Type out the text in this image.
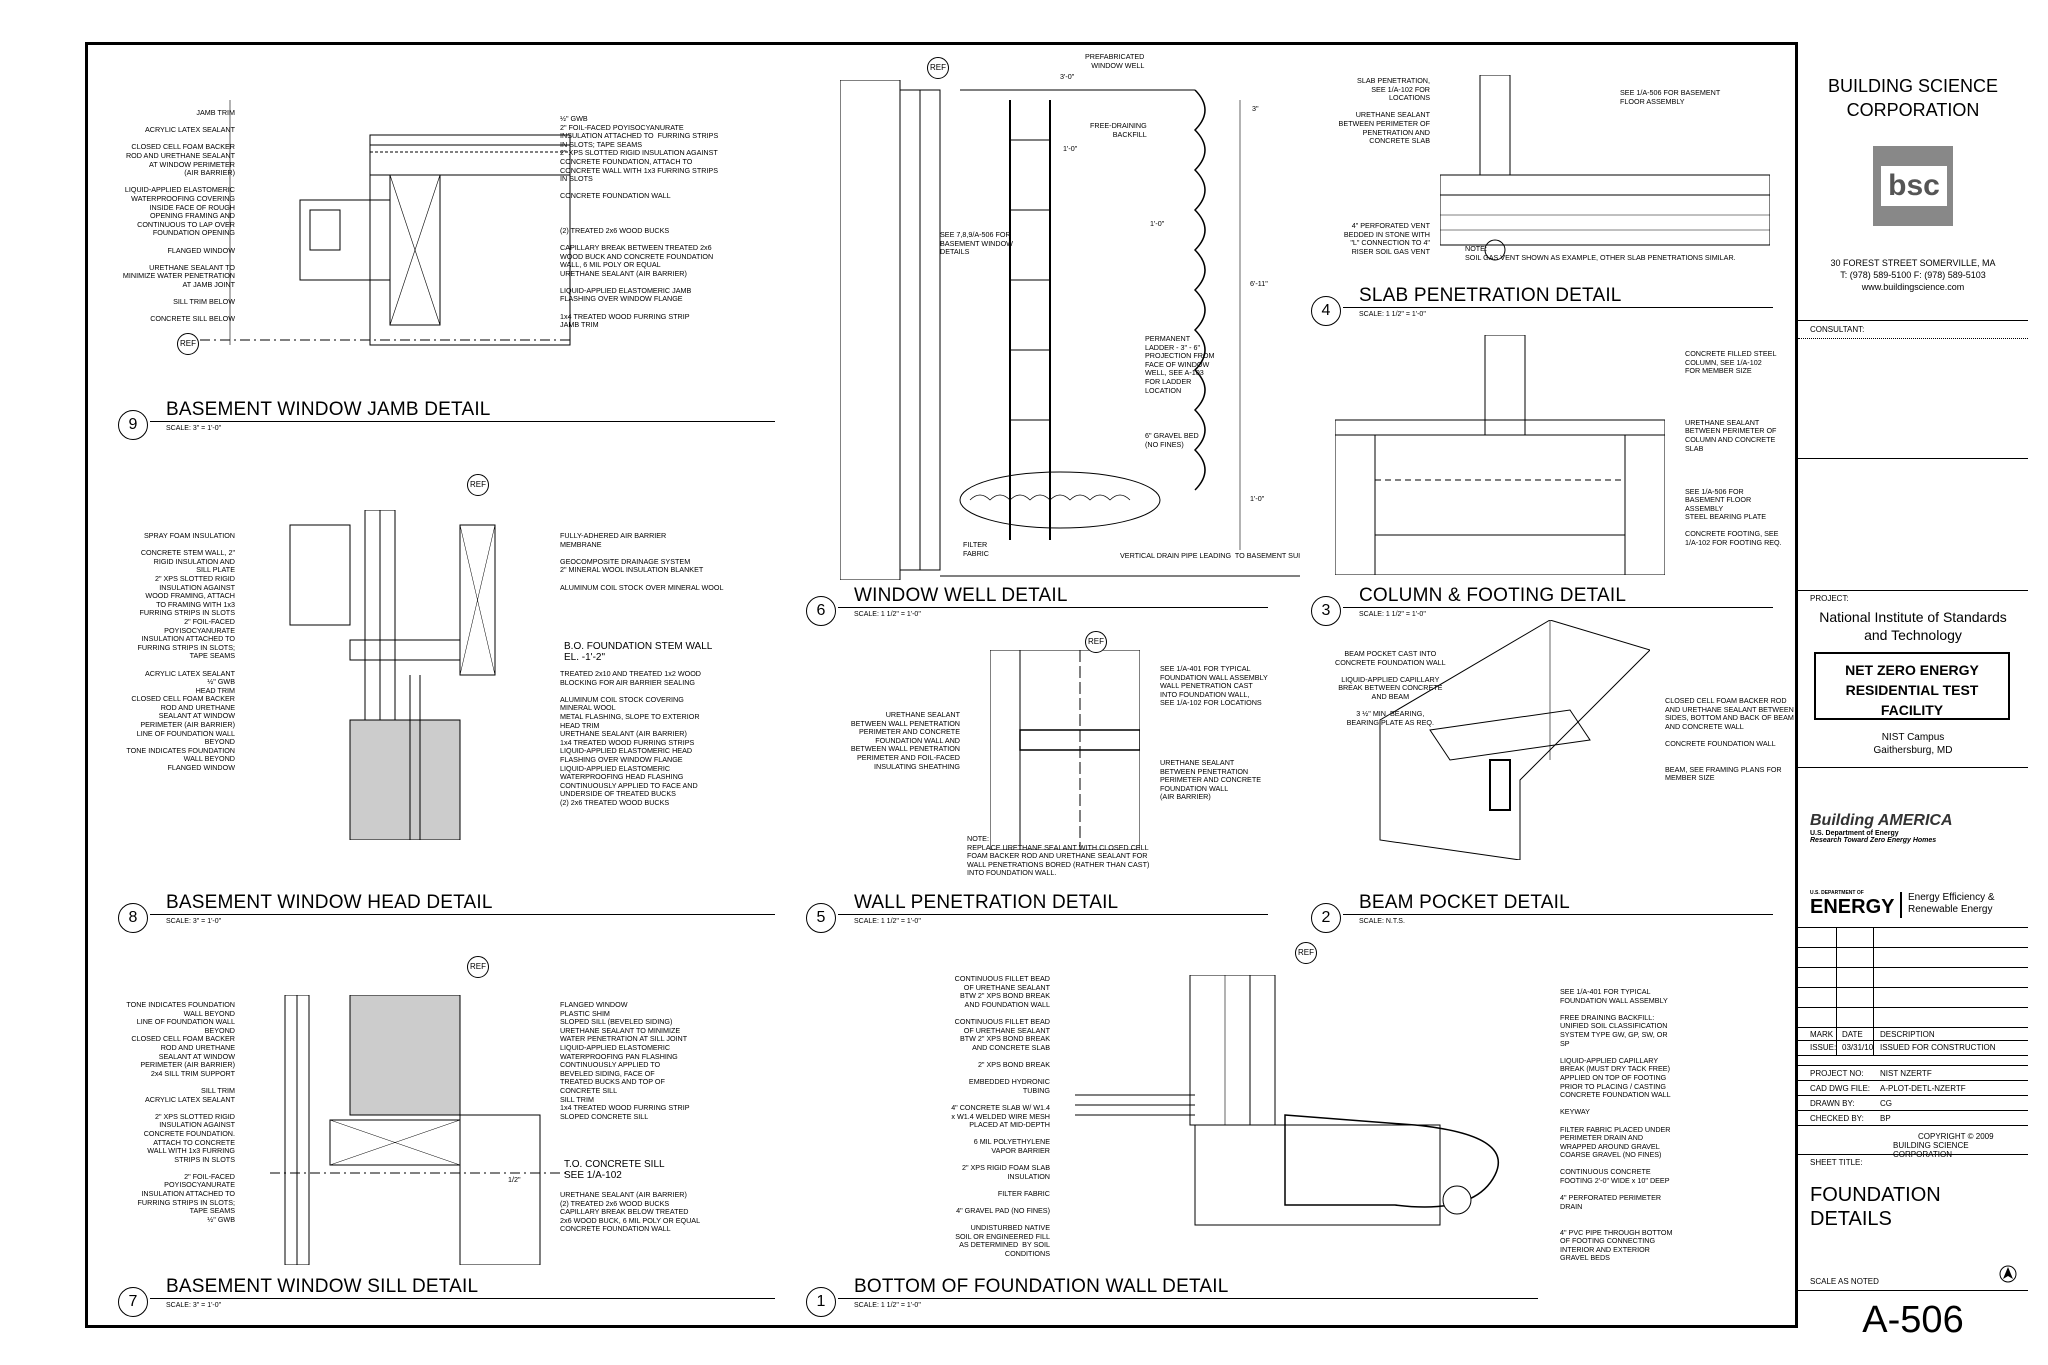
REF
REF
REF
REF
REF
REF
JAMB TRIM

ACRYLIC LATEX SEALANT

CLOSED CELL FOAM BACKER
ROD AND URETHANE SEALANT
AT WINDOW PERIMETER
(AIR BARRIER)

LIQUID-APPLIED ELASTOMERIC
WATERPROOFING COVERING
INSIDE FACE OF ROUGH
OPENING FRAMING AND
CONTINUOUS TO LAP OVER
FOUNDATION OPENING

FLANGED WINDOW

URETHANE SEALANT TO
MINIMIZE WATER PENETRATION
AT JAMB JOINT

SILL TRIM BELOW

CONCRETE SILL BELOW
½" GWB
2" FOIL-FACED POYISOCYANURATE
INSULATION ATTACHED TO  FURRING STRIPS
IN SLOTS; TAPE SEAMS
2" XPS SLOTTED RIGID INSULATION AGAINST
CONCRETE FOUNDATION, ATTACH TO
CONCRETE WALL WITH 1x3 FURRING STRIPS
IN SLOTS

CONCRETE FOUNDATION WALL

(2) TREATED 2x6 WOOD BUCKS

CAPILLARY BREAK BETWEEN TREATED 2x6
WOOD BUCK AND CONCRETE FOUNDATION
WALL, 6 MIL POLY OR EQUAL
URETHANE SEALANT (AIR BARRIER)

LIQUID-APPLIED ELASTOMERIC JAMB
FLASHING OVER WINDOW FLANGE

1x4 TREATED WOOD FURRING STRIP
JAMB TRIM
SPRAY FOAM INSULATION

CONCRETE STEM WALL, 2"
RIGID INSULATION AND
SILL PLATE
2" XPS SLOTTED RIGID
INSULATION AGAINST
WOOD FRAMING, ATTACH
TO FRAMING WITH 1x3
FURRING STRIPS IN SLOTS
2" FOIL-FACED
POYISOCYANURATE
INSULATION ATTACHED TO
FURRING STRIPS IN SLOTS;
TAPE SEAMS

ACRYLIC LATEX SEALANT
½" GWB
HEAD TRIM
CLOSED CELL FOAM BACKER
ROD AND URETHANE
SEALANT AT WINDOW
PERIMETER (AIR BARRIER)
LINE OF FOUNDATION WALL
BEYOND
TONE INDICATES FOUNDATION
WALL BEYOND
FLANGED WINDOW
FULLY-ADHERED AIR BARRIER
MEMBRANE

GEOCOMPOSITE DRAINAGE SYSTEM
2" MINERAL WOOL INSULATION BLANKET

ALUMINUM COIL STOCK OVER MINERAL WOOL
B.O. FOUNDATION STEM WALL
EL. -1'-2"
TREATED 2x10 AND TREATED 1x2 WOOD
BLOCKING FOR AIR BARRIER SEALING

ALUMINUM COIL STOCK COVERING
MINERAL WOOL
METAL FLASHING, SLOPE TO EXTERIOR
HEAD TRIM
URETHANE SEALANT (AIR BARRIER)
1x4 TREATED WOOD FURRING STRIPS
LIQUID-APPLIED ELASTOMERIC HEAD
FLASHING OVER WINDOW FLANGE
LIQUID-APPLIED ELASTOMERIC
WATERPROOFING HEAD FLASHING
CONTINUOUSLY APPLIED TO FACE AND
UNDERSIDE OF TREATED BUCKS
(2) 2x6 TREATED WOOD BUCKS
TONE INDICATES FOUNDATION
WALL BEYOND
LINE OF FOUNDATION WALL
BEYOND
CLOSED CELL FOAM BACKER
ROD AND URETHANE
SEALANT AT WINDOW
PERIMETER (AIR BARRIER)
2x4 SILL TRIM SUPPORT

SILL TRIM
ACRYLIC LATEX SEALANT

2" XPS SLOTTED RIGID
INSULATION AGAINST
CONCRETE FOUNDATION.
ATTACH TO CONCRETE
WALL WITH 1x3 FURRING
STRIPS IN SLOTS

2" FOIL-FACED
POYISOCYANURATE
INSULATION ATTACHED TO
FURRING STRIPS IN SLOTS;
TAPE SEAMS
½" GWB
FLANGED WINDOW
PLASTIC SHIM
SLOPED SILL (BEVELED SIDING)
URETHANE SEALANT TO MINIMIZE
WATER PENETRATION AT SILL JOINT
LIQUID-APPLIED ELASTOMERIC
WATERPROOFING PAN FLASHING
CONTINUOUSLY APPLIED TO
BEVELED SIDING, FACE OF
TREATED BUCKS AND TOP OF
CONCRETE SILL
SILL TRIM
1x4 TREATED WOOD FURRING STRIP
SLOPED CONCRETE SILL
T.O. CONCRETE SILL
SEE 1/A-102
1/2"
URETHANE SEALANT (AIR BARRIER)
(2) TREATED 2x6 WOOD BUCKS
CAPILLARY BREAK BELOW TREATED
2x6 WOOD BUCK, 6 MIL POLY OR EQUAL
CONCRETE FOUNDATION WALL
PREFABRICATED
WINDOW WELL
FREE-DRAINING
BACKFILL
SEE 7,8,9/A-506 FOR
BASEMENT WINDOW
DETAILS
PERMANENT
LADDER - 3" - 6"
PROJECTION FROM
FACE OF WINDOW
WELL, SEE A-103
FOR LADDER
LOCATION
6" GRAVEL BED
(NO FINES)
FILTER
FABRIC	VERTICAL DRAIN PIPE LEADING  TO BASEMENT SUI
3'-0"
1'-0"
6'-11"
1'-0"
1'-0"
3"
URETHANE SEALANT
BETWEEN WALL PENETRATION
PERIMETER AND CONCRETE
FOUNDATION WALL AND
BETWEEN WALL PENETRATION
PERIMETER AND FOIL-FACED
INSULATING SHEATHING
SEE 1/A-401 FOR TYPICAL
FOUNDATION WALL ASSEMBLY
WALL PENETRATION CAST
INTO FOUNDATION WALL,
SEE 1/A-102 FOR LOCATIONS
URETHANE SEALANT
BETWEEN PENETRATION
PERIMETER AND CONCRETE
FOUNDATION WALL
(AIR BARRIER)
NOTE:
REPLACE URETHANE SEALANT WITH CLOSED CELL
FOAM BACKER ROD AND URETHANE SEALANT FOR
WALL PENETRATIONS BORED (RATHER THAN CAST)
INTO FOUNDATION WALL.
CONTINUOUS FILLET BEAD
OF URETHANE SEALANT
BTW 2" XPS BOND BREAK
AND FOUNDATION WALL

CONTINUOUS FILLET BEAD
OF URETHANE SEALANT
BTW 2" XPS BOND BREAK
AND CONCRETE SLAB

2" XPS BOND BREAK

EMBEDDED HYDRONIC
TUBING

4" CONCRETE SLAB W/ W1.4
x W1.4 WELDED WIRE MESH
PLACED AT MID-DEPTH

6 MIL POLYETHYLENE
VAPOR BARRIER

2" XPS RIGID FOAM SLAB
INSULATION

FILTER FABRIC

4" GRAVEL PAD (NO FINES)

UNDISTURBED NATIVE
SOIL OR ENGINEERED FILL
AS DETERMINED  BY SOIL
CONDITIONS
SEE 1/A-401 FOR TYPICAL
FOUNDATION WALL ASSEMBLY

FREE DRAINING BACKFILL:
UNIFIED SOIL CLASSIFICATION
SYSTEM TYPE GW, GP, SW, OR
SP

LIQUID-APPLIED CAPILLARY
BREAK (MUST DRY TACK FREE)
APPLIED ON TOP OF FOOTING
PRIOR TO PLACING / CASTING
CONCRETE FOUNDATION WALL

KEYWAY

FILTER FABRIC PLACED UNDER
PERIMETER DRAIN AND
WRAPPED AROUND GRAVEL
COARSE GRAVEL (NO FINES)

CONTINUOUS CONCRETE
FOOTING 2'-0" WIDE x 10" DEEP

4" PERFORATED PERIMETER
DRAIN

4" PVC PIPE THROUGH BOTTOM
OF FOOTING CONNECTING
INTERIOR AND EXTERIOR
GRAVEL BEDS
SLAB PENETRATION,
SEE 1/A-102 FOR
LOCATIONS

URETHANE SEALANT
BETWEEN PERIMETER OF
PENETRATION AND
CONCRETE SLAB
SEE 1/A-506 FOR BASEMENT
FLOOR ASSEMBLY
4" PERFORATED VENT
BEDDED IN STONE WITH
"L" CONNECTION TO 4"
RISER SOIL GAS VENT	NOTE:
SOIL GAS VENT SHOWN AS EXAMPLE, OTHER SLAB PENETRATIONS SIMILAR.
CONCRETE FILLED STEEL
COLUMN, SEE 1/A-102
FOR MEMBER SIZE

URETHANE SEALANT
BETWEEN PERIMETER OF
COLUMN AND CONCRETE
SLAB

SEE 1/A-506 FOR
BASEMENT FLOOR
ASSEMBLY
STEEL BEARING PLATE

CONCRETE FOOTING, SEE
1/A-102 FOR FOOTING REQ.
BEAM POCKET CAST INTO
CONCRETE FOUNDATION WALL

LIQUID-APPLIED CAPILLARY
BREAK BETWEEN CONCRETE
AND BEAM

3 ½" MIN. BEARING,
BEARING PLATE AS REQ.
CLOSED CELL FOAM BACKER ROD
AND URETHANE SEALANT BETWEEN
SIDES, BOTTOM AND BACK OF BEAM
AND CONCRETE WALL

CONCRETE FOUNDATION WALL

BEAM, SEE FRAMING PLANS FOR
MEMBER SIZE
9
BASEMENT WINDOW JAMB DETAIL
SCALE: 3" = 1'-0"
8
BASEMENT WINDOW HEAD DETAIL
SCALE: 3" = 1'-0"
7
BASEMENT WINDOW SILL DETAIL
SCALE: 3" = 1'-0"
6
WINDOW WELL DETAIL
SCALE: 1 1/2" = 1'-0"
5
WALL PENETRATION DETAIL
SCALE: 1 1/2" = 1'-0"
1
BOTTOM OF FOUNDATION WALL DETAIL
SCALE: 1 1/2" = 1'-0"
4
SLAB PENETRATION DETAIL
SCALE: 1 1/2" = 1'-0"
3
COLUMN & FOOTING DETAIL
SCALE: 1 1/2" = 1'-0"
2
BEAM POCKET DETAIL
SCALE: N.T.S.
BUILDING SCIENCE CORPORATION
bsc
30 FOREST STREET SOMERVILLE, MA
T: (978) 589-5100 F: (978) 589-5103
www.buildingscience.com
CONSULTANT:
PROJECT:
National Institute of Standards and Technology
NET ZERO ENERGY RESIDENTIAL TEST FACILITY
NIST Campus
Gaithersburg, MD
Building AMERICA
U.S. Department of Energy
Research Toward Zero Energy Homes
U.S. DEPARTMENT OF
ENERGY Energy Efficiency & Renewable Energy
MARK DATE DESCRIPTION
ISSUE: 03/31/10 ISSUED FOR CONSTRUCTION
PROJECT NO: NIST NZERTF
CAD DWG FILE: A-PLOT-DETL-NZERTF
DRAWN BY:	CG
CHECKED BY: BP
COPYRIGHT © 2009
BUILDING SCIENCE CORPORATION
SHEET TITLE:
FOUNDATION
DETAILS
SCALE AS NOTED
A-506
